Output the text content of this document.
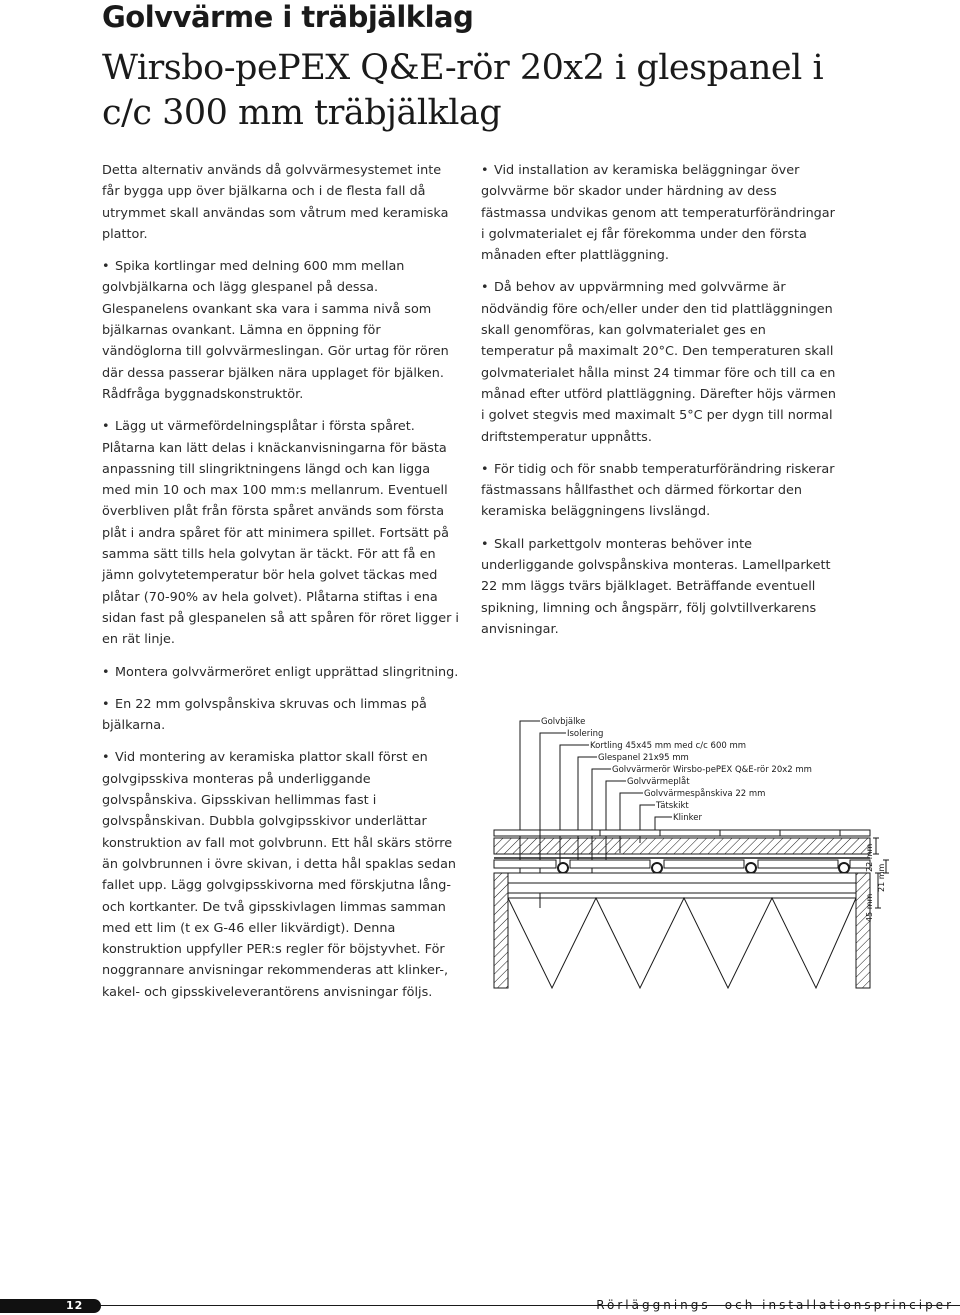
Golvvärme i träbjälklag
Wirsbo-pePEX Q&E-rör 20x2 i glespanel i
c/c 300 mm träbjälklag

Detta alternativ används då golvvärmesystemet inte får bygga upp över bjälkarna och i de flesta fall då utrymmet skall användas som våtrum med keramiska plattor.

• Spika kortlingar med delning 600 mm mellan golvbjälkarna och lägg glespanel på dessa. Glespanelens ovankant ska vara i samma nivå som bjälkarnas ovankant. Lämna en öppning för vändöglorna till golvvärmeslingan. Gör urtag för rören där dessa passerar bjälken nära upplaget för bjälken. Rådfråga byggnadskonstruktör.

• Lägg ut värmefördelningsplåtar i första spåret. Plåtarna kan lätt delas i knäckanvisningarna för bästa anpassning till slingriktningens längd och kan ligga med min 10 och max 100 mm:s mellanrum. Eventuell överbliven plåt från första spåret används som första plåt i andra spåret för att minimera spillet. Fortsätt på samma sätt tills hela golvytan är täckt. För att få en jämn golvytetemperatur bör hela golvet täckas med plåtar (70-90% av hela golvet). Plåtarna stiftas i ena sidan fast på glespanelen så att spåren för röret ligger i en rät linje.

• Montera golvvärmeröret enligt upprättad slingritning.

• En 22 mm golvspånskiva skruvas och limmas på bjälkarna.

• Vid montering av keramiska plattor skall först en golvgipsskiva monteras på underliggande golvspånskiva. Gipsskivan hellimmas fast i golvspånskivan. Dubbla golvgipsskivor underlättar konstruktion av fall mot golvbrunn. Ett hål skärs större än golvbrunnen i övre skivan, i detta hål spaklas sedan fallet upp. Lägg golvgipsskivorna med förskjutna lång- och kortkanter. De två gipsskivlagen limmas samman med ett lim (t ex G-46 eller likvärdigt). Denna konstruktion uppfyller PER:s regler för böjstyvhet. För noggrannare anvisningar rekommenderas att klinker-, kakel- och gipsskiveleverantörens anvisningar följs.

• Vid installation av keramiska beläggningar över golvvärme bör skador under härdning av dess fästmassa undvikas genom att temperaturförändringar i golvmaterialet ej får förekomma under den första månaden efter plattläggning.

• Då behov av uppvärmning med golvvärme är nödvändig före och/eller under den tid plattläggningen skall genomföras, kan golvmaterialet ges en temperatur på maximalt 20°C. Den temperaturen skall golvmaterialet hålla minst 24 timmar före och till ca en månad efter utförd plattläggning. Därefter höjs värmen i golvet stegvis med maximalt 5°C per dygn till normal driftstemperatur uppnåtts.

• För tidig och för snabb temperaturförändring riskerar fästmassans hållfasthet och därmed förkortar den keramiska beläggningens livslängd.

• Skall parkettgolv monteras behöver inte underliggande golvspånskiva monteras. Lamellparkett 22 mm läggs tvärs bjälklaget. Beträffande eventuell spikning, limning och ångspärr, följ golvtillverkarens anvisningar.

Golvbjälke
Isolering
Kortling 45x45 mm med c/c 600 mm
Glespanel 21x95 mm
Golvvärmerör Wirsbo-pePEX Q&E-rör 20x2 mm
Golvvärmeplåt
Golvvärmespånskiva 22 mm
Tätskikt
Klinker
22 mm
21 mm
45 mm
12	Rörläggnings- och installationsprinciper
